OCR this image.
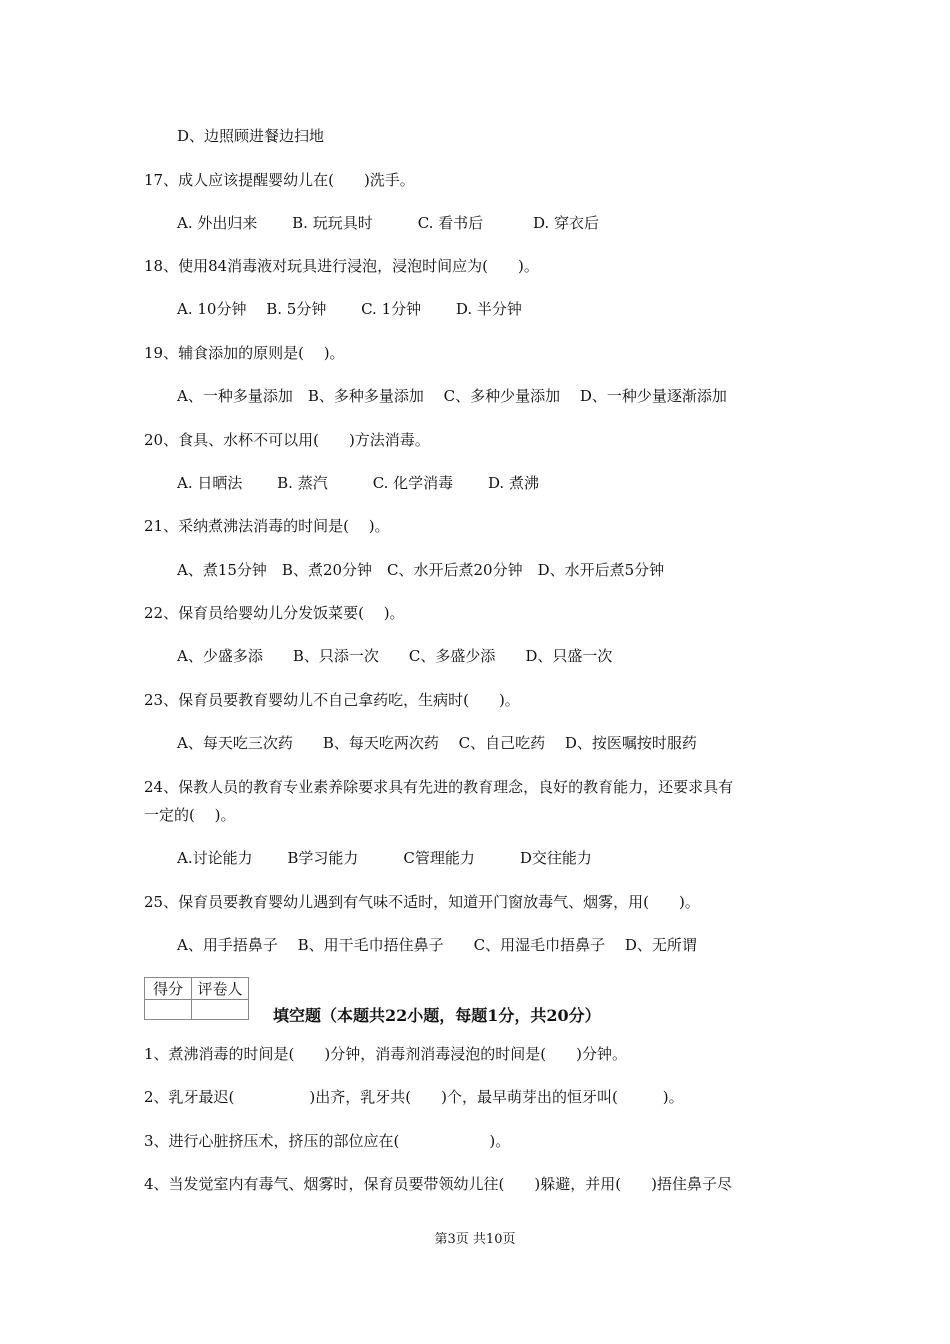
D、边照顾进餐边扫地
17、成人应该提醒婴幼儿在(　　)洗手。
A. 外出归来　　 B. 玩玩具时　　　C. 看书后　　　 D. 穿衣后
18、使用84消毒液对玩具进行浸泡，浸泡时间应为(　　)。
A. 10分钟　 B. 5分钟　　 C. 1分钟　　 D. 半分钟
19、辅食添加的原则是(　 )。
A、一种多量添加　B、多种多量添加　 C、多种少量添加　 D、一种少量逐渐添加
20、食具、水杯不可以用(　　)方法消毒。
A. 日晒法　　 B. 蒸汽　　　C. 化学消毒　　 D. 煮沸
21、采纳煮沸法消毒的时间是(　 )。
A、煮15分钟　B、煮20分钟　C、水开后煮20分钟　D、水开后煮5分钟
22、保育员给婴幼儿分发饭菜要(　 )。
A、少盛多添　　B、只添一次　　C、多盛少添　　D、只盛一次
23、保育员要教育婴幼儿不自己拿药吃，生病时(　　)。
A、每天吃三次药　　B、每天吃两次药　 C、自己吃药　 D、按医嘱按时服药
24、保教人员的教育专业素养除要求具有先进的教育理念，良好的教育能力，还要求具有
一定的(　 )。
A.讨论能力　　 B学习能力　　　C管理能力　　　D交往能力
25、保育员要教育婴幼儿遇到有气味不适时，知道开门窗放毒气、烟雾，用(　　)。
A、用手捂鼻子　 B、用干毛巾捂住鼻子　　C、用湿毛巾捂鼻子　 D、无所谓
1、煮沸消毒的时间是(　　)分钟，消毒剂消毒浸泡的时间是(　　)分钟。
2、乳牙最迟(　　　　　)出齐，乳牙共(　　)个，最早萌芽出的恒牙叫(　　　)。
3、进行心脏挤压术，挤压的部位应在(　　　　　　)。
4、当发觉室内有毒气、烟雾时，保育员要带领幼儿往(　　)躲避，并用(　　)捂住鼻子尽
得分	评卷人

填空题（本题共22小题，每题1分，共20分）
第3页 共10页
